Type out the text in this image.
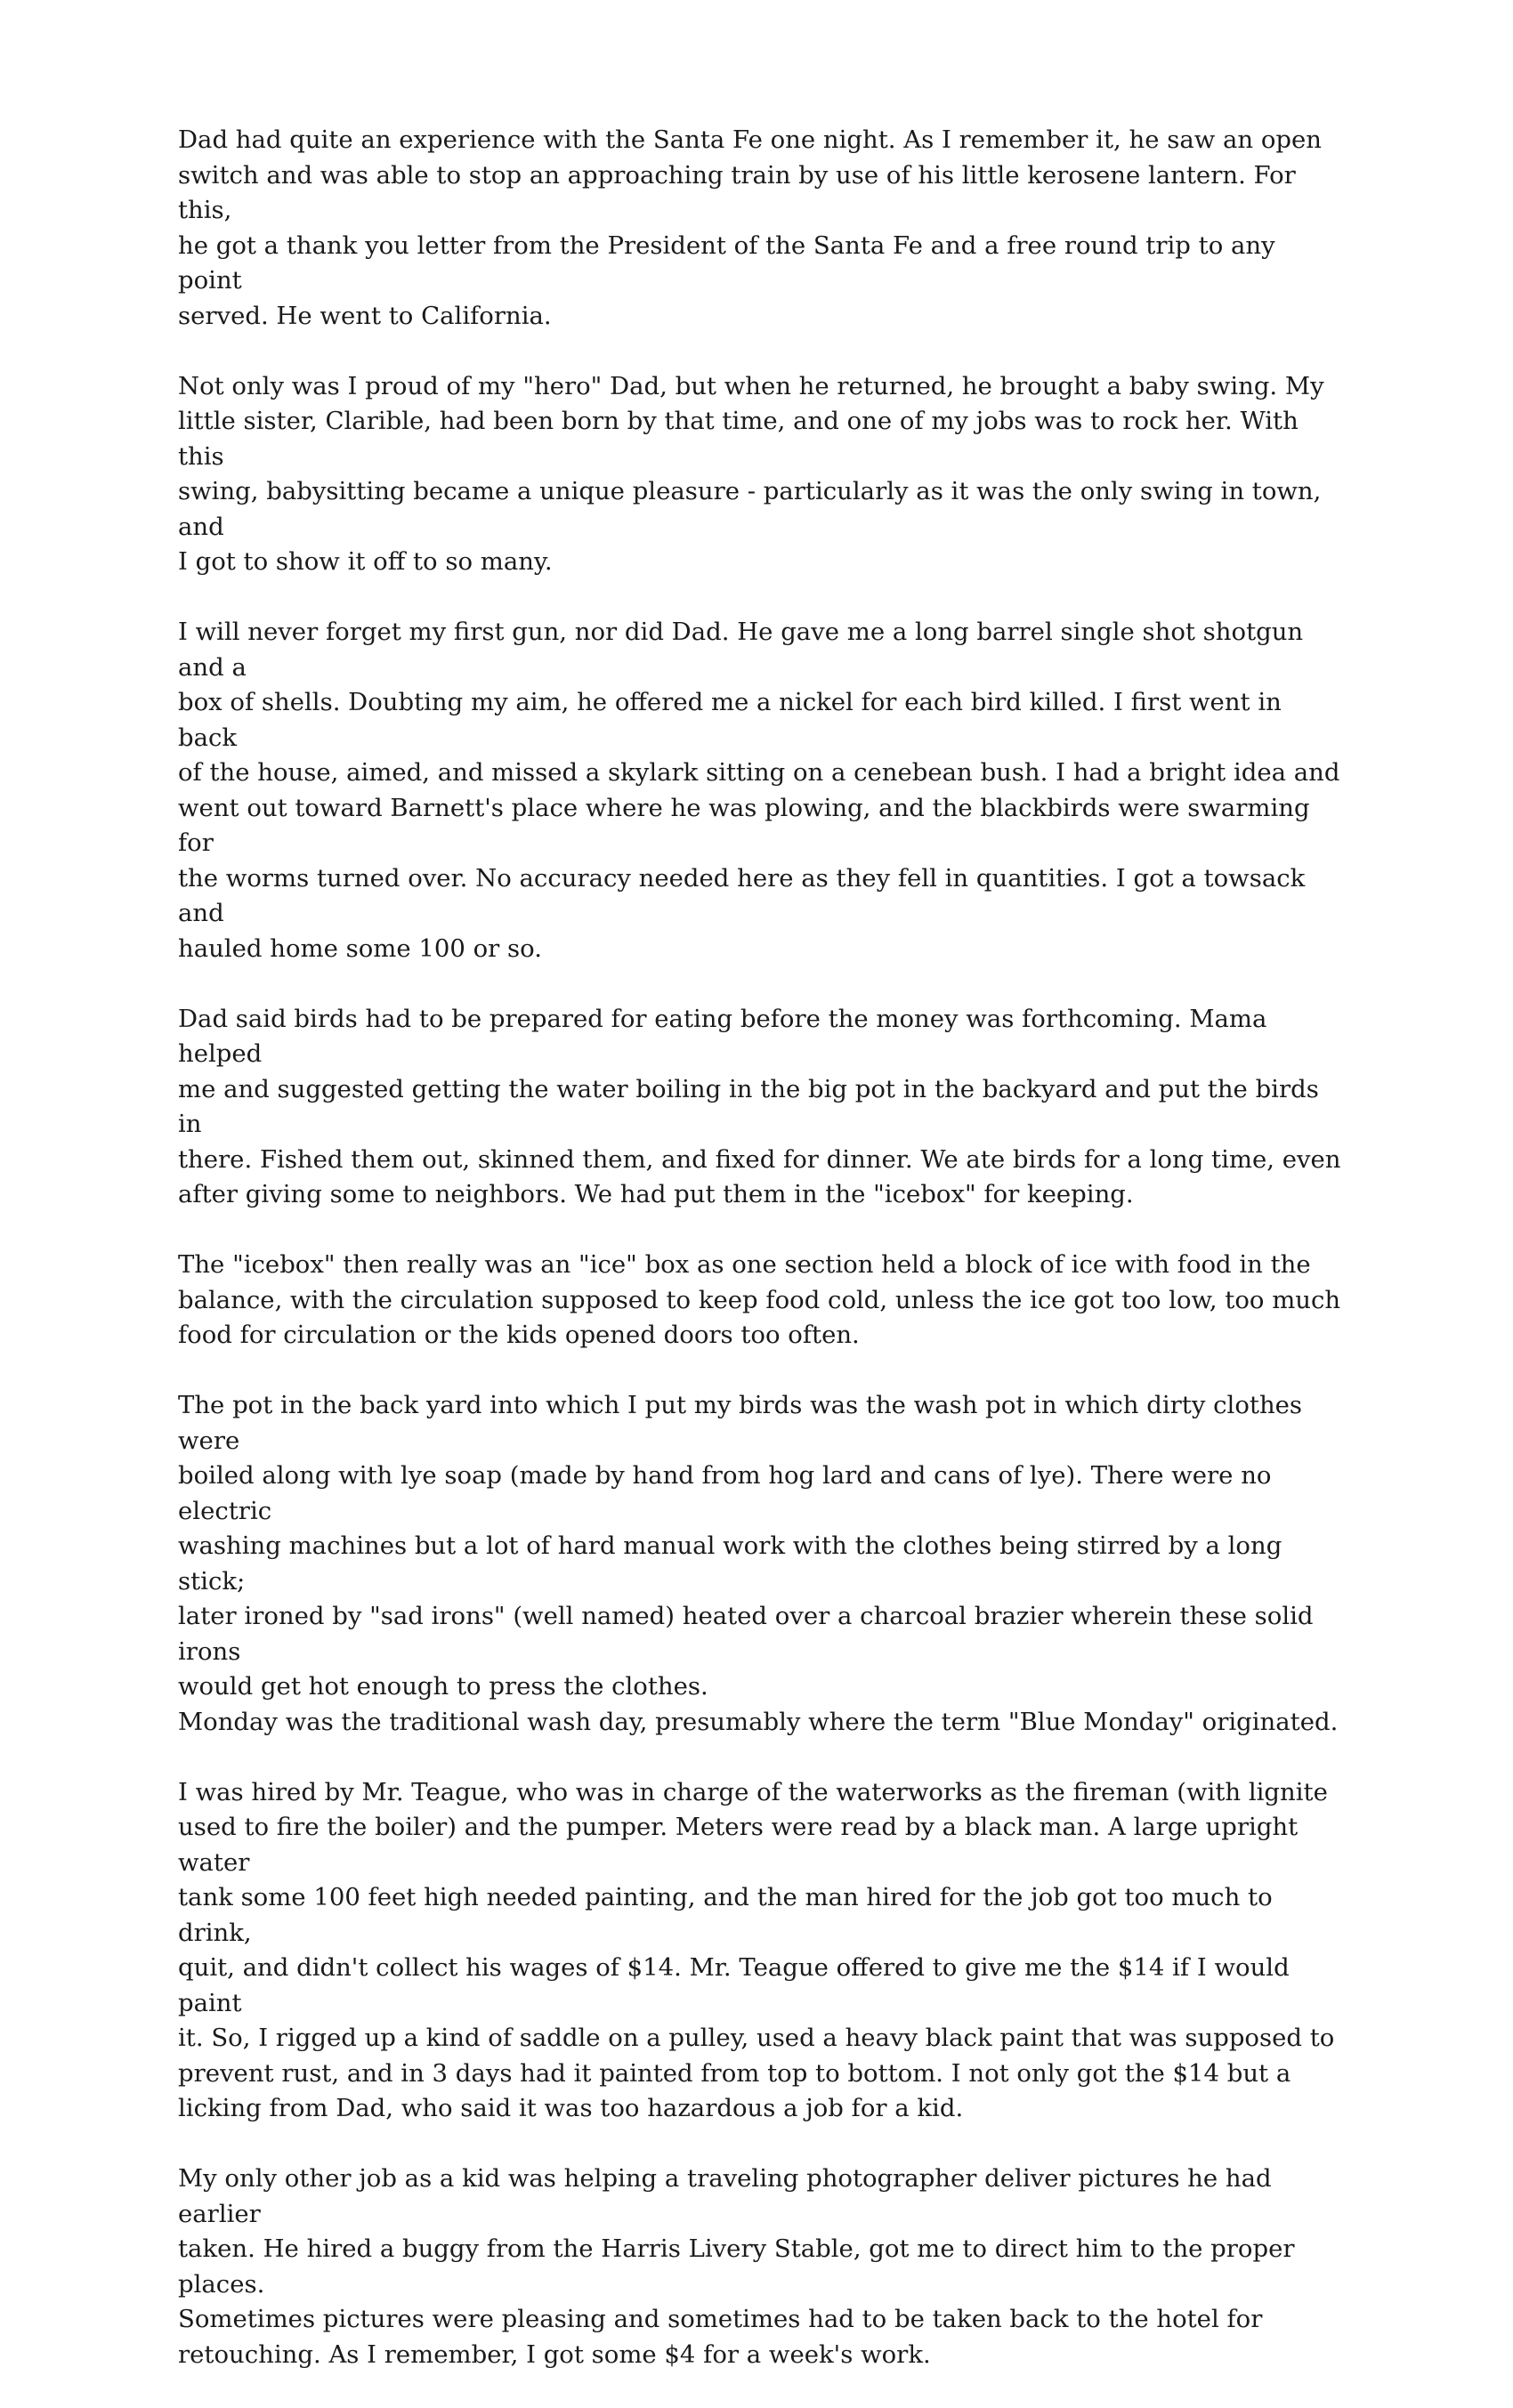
Dad had quite an experience with the Santa Fe one night. As I remember it, he saw an open
switch and was able to stop an approaching train by use of his little kerosene lantern. For this,
he got a thank you letter from the President of the Santa Fe and a free round trip to any point
served. He went to California.

Not only was I proud of my "hero" Dad, but when he returned, he brought a baby swing. My
little sister, Clarible, had been born by that time, and one of my jobs was to rock her. With this
swing, babysitting became a unique pleasure - particularly as it was the only swing in town, and
I got to show it off to so many.

I will never forget my first gun, nor did Dad. He gave me a long barrel single shot shotgun and a
box of shells. Doubting my aim, he offered me a nickel for each bird killed. I first went in back
of the house, aimed, and missed a skylark sitting on a cenebean bush. I had a bright idea and
went out toward Barnett's place where he was plowing, and the blackbirds were swarming for
the worms turned over. No accuracy needed here as they fell in quantities. I got a towsack and
hauled home some 100 or so.

Dad said birds had to be prepared for eating before the money was forthcoming. Mama helped
me and suggested getting the water boiling in the big pot in the backyard and put the birds in
there. Fished them out, skinned them, and fixed for dinner. We ate birds for a long time, even
after giving some to neighbors. We had put them in the "icebox" for keeping.

The "icebox" then really was an "ice" box as one section held a block of ice with food in the
balance, with the circulation supposed to keep food cold, unless the ice got too low, too much
food for circulation or the kids opened doors too often.

The pot in the back yard into which I put my birds was the wash pot in which dirty clothes were
boiled along with lye soap (made by hand from hog lard and cans of lye). There were no electric
washing machines but a lot of hard manual work with the clothes being stirred by a long stick;
later ironed by "sad irons" (well named) heated over a charcoal brazier wherein these solid irons
would get hot enough to press the clothes.

Monday was the traditional wash day, presumably where the term "Blue Monday" originated.

I was hired by Mr. Teague, who was in charge of the waterworks as the fireman (with lignite
used to fire the boiler) and the pumper. Meters were read by a black man. A large upright water
tank some 100 feet high needed painting, and the man hired for the job got too much to drink,
quit, and didn't collect his wages of $14. Mr. Teague offered to give me the $14 if I would paint
it. So, I rigged up a kind of saddle on a pulley, used a heavy black paint that was supposed to
prevent rust, and in 3 days had it painted from top to bottom. I not only got the $14 but a
licking from Dad, who said it was too hazardous a job for a kid.

My only other job as a kid was helping a traveling photographer deliver pictures he had earlier
taken. He hired a buggy from the Harris Livery Stable, got me to direct him to the proper places.
Sometimes pictures were pleasing and sometimes had to be taken back to the hotel for
retouching. As I remember, I got some $4 for a week's work.
